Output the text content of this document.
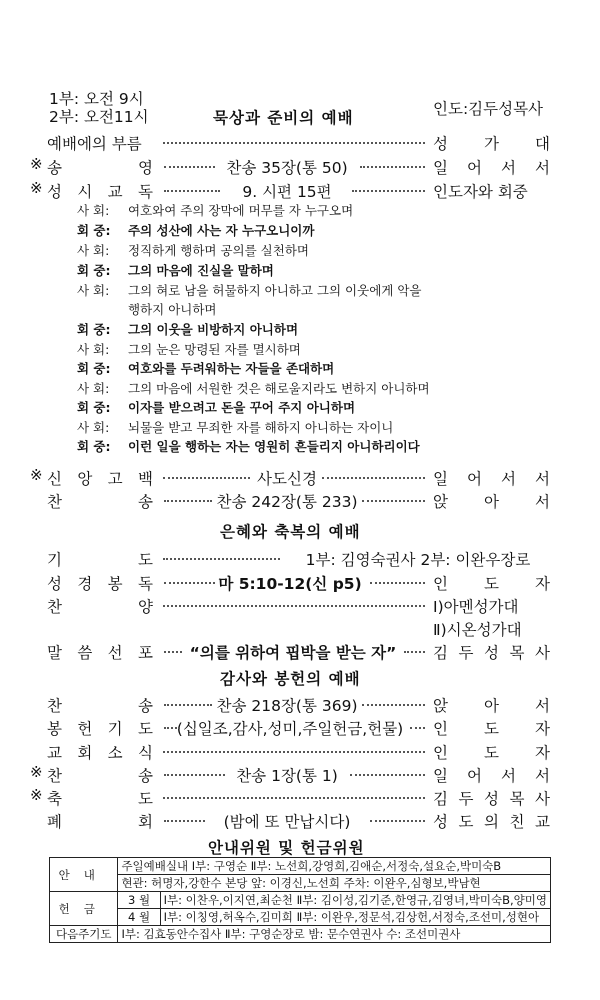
1부: 오전 9시
2부: 오전11시	묵상과 준비의 예배	인도:김두성목사
예배에의 부름	성 가 대
※ 송	영	찬송 35장(통 50)	일 어 서 서
※ 성 시 교 독	9. 시편 15편	인도자와 회중
사 회: 여호와여 주의 장막에 머무를 자 누구오며
회 중: 주의 성산에 사는 자 누구오니이까
사 회: 정직하게 행하며 공의를 실천하며
회 중: 그의 마음에 진실을 말하며
사 회: 그의 혀로 남을 허물하지 아니하고 그의 이웃에게 악을
행하지 아니하며
회 중: 그의 이웃을 비방하지 아니하며
사 회: 그의 눈은 망령된 자를 멸시하며
회 중: 여호와를 두려워하는 자들을 존대하며
사 회: 그의 마음에 서원한 것은 해로울지라도 변하지 아니하며
회 중: 이자를 받으려고 돈을 꾸어 주지 아니하며
사 회: 뇌물을 받고 무죄한 자를 해하지 아니하는 자이니
회 중: 이런 일을 행하는 자는 영원히 흔들리지 아니하리이다
※ 신 앙 고 백	사도신경	일 어 서 서
찬	송	찬송 242장(통 233)	앉 아 서
은혜와 축복의 예배
기	도	1부: 김영숙권사 2부: 이완우장로
성 경 봉 독	마 5:10-12(신 p5)	인 도 자
찬	양	Ⅰ)아멘성가대
Ⅱ)시온성가대
말 씀 선 포 “의를 위하여 핍박을 받는 자” 김 두 성 목 사
감사와 봉헌의 예배
찬	송	찬송 218장(통 369)	앉 아 서
봉 헌 기 도 (십일조,감사,성미,주일헌금,헌물) 인 도 자
교 회 소 식	인 도 자
※ 찬	송	찬송 1장(통 1)	일 어 서 서
※ 축	도	김 두 성 목 사
폐	회	(밤에 또 만납시다)	성 도 의 친 교
안내위원 및 헌금위원
안내	주일예배실내 Ⅰ부: 구영순 Ⅱ부: 노선희,강영희,김애순,서정숙,설요순,박미숙B	
	현관: 허명자,강한수 본당 앞: 이경신,노선희 주차: 이완우,심형보,박남현	
헌금	3 월	Ⅰ부: 이찬우,이지연,최순천 Ⅱ부: 김이성,김기준,한영규,김영녀,박미숙B,양미영
	4 월	Ⅰ부: 이칭영,허옥수,김미희 Ⅱ부: 이완우,정문석,김상헌,서정숙,조선미,성현아
다음주기도	Ⅰ부: 김효동안수집사 Ⅱ부: 구영순장로 밤: 문수연권사 수: 조선미권사	
